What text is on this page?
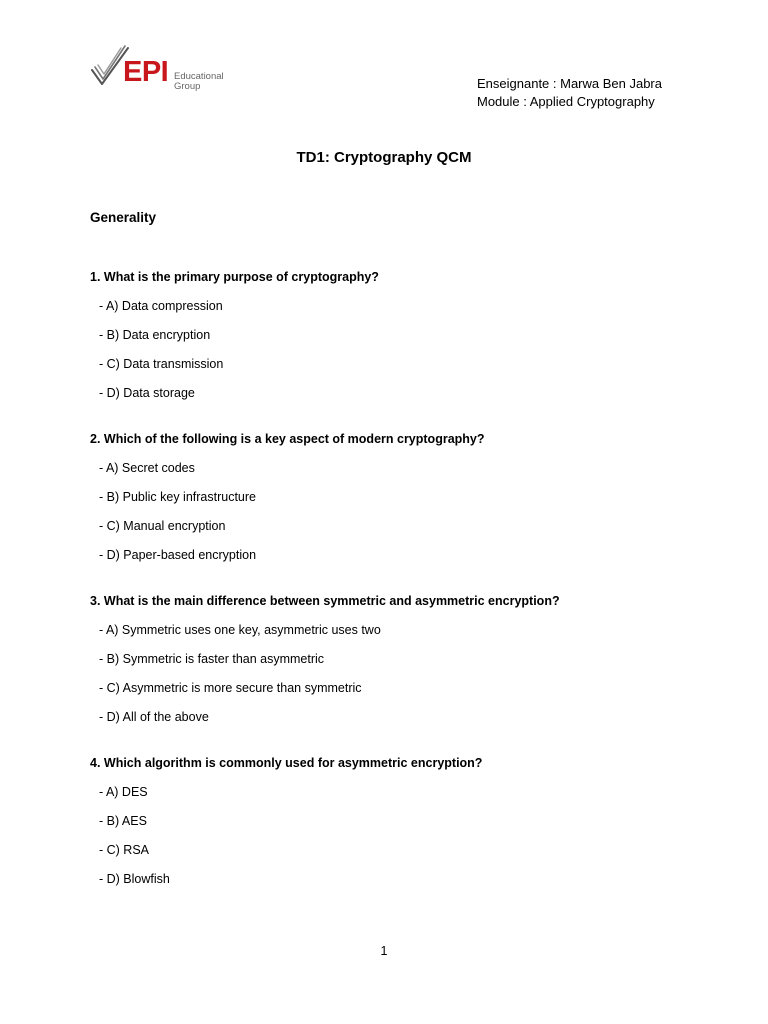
EPI Educational
Group	Enseignante : Marwa Ben Jabra
Module : Applied Cryptography
TD1: Cryptography QCM
Generality
1. What is the primary purpose of cryptography?
- A) Data compression
- B) Data encryption
- C) Data transmission
- D) Data storage
2. Which of the following is a key aspect of modern cryptography?
- A) Secret codes
- B) Public key infrastructure
- C) Manual encryption
- D) Paper-based encryption
3. What is the main difference between symmetric and asymmetric encryption?
- A) Symmetric uses one key, asymmetric uses two
- B) Symmetric is faster than asymmetric
- C) Asymmetric is more secure than symmetric
- D) All of the above
4. Which algorithm is commonly used for asymmetric encryption?
- A) DES
- B) AES
- C) RSA
- D) Blowfish
1
